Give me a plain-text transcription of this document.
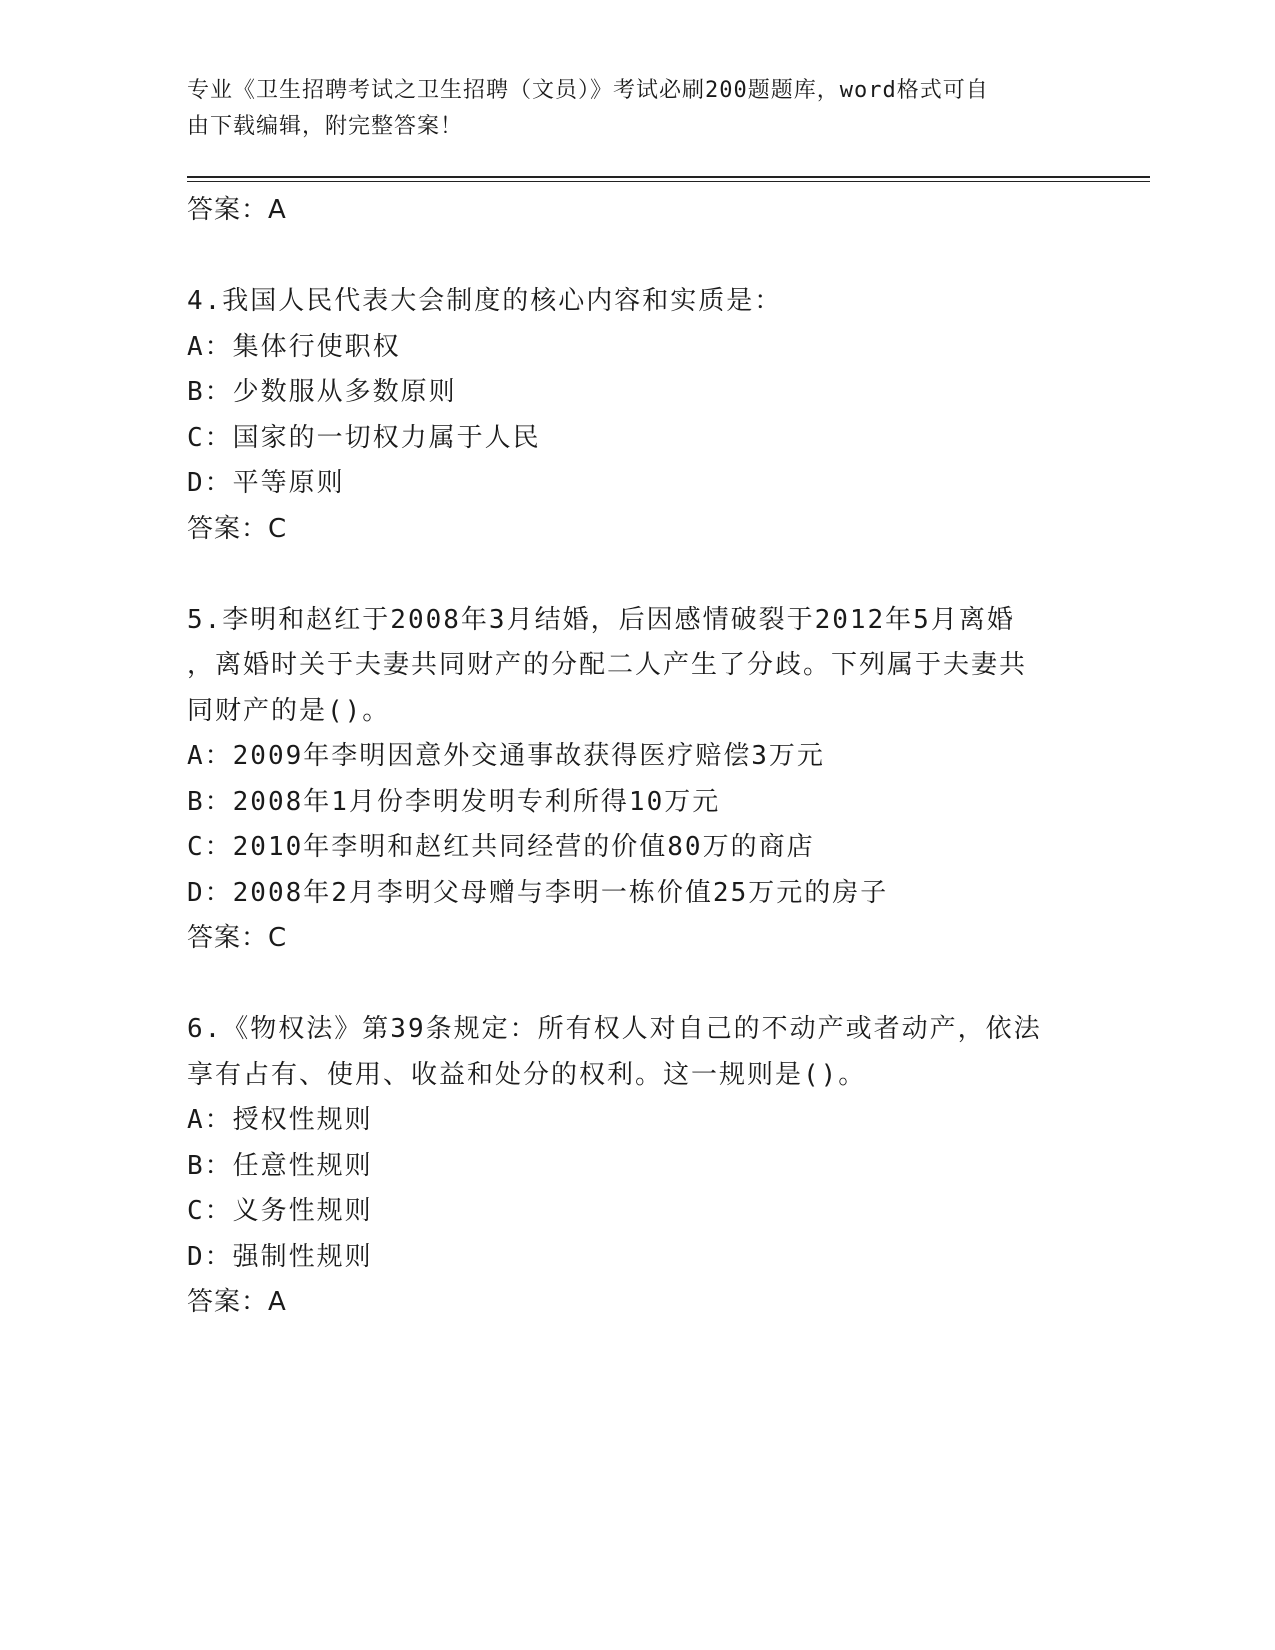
专业《卫生招聘考试之卫生招聘（文员）》考试必刷200题题库，word格式可自
由下载编辑，附完整答案！
答案：A
4.我国人民代表大会制度的核心内容和实质是：
A：集体行使职权
B：少数服从多数原则
C：国家的一切权力属于人民
D：平等原则
答案：C
5.李明和赵红于2008年3月结婚，后因感情破裂于2012年5月离婚
，离婚时关于夫妻共同财产的分配二人产生了分歧。下列属于夫妻共
同财产的是()。
A：2009年李明因意外交通事故获得医疗赔偿3万元
B：2008年1月份李明发明专利所得10万元
C：2010年李明和赵红共同经营的价值80万的商店
D：2008年2月李明父母赠与李明一栋价值25万元的房子
答案：C
6.《物权法》第39条规定：所有权人对自己的不动产或者动产，依法
享有占有、使用、收益和处分的权利。这一规则是()。
A：授权性规则
B：任意性规则
C：义务性规则
D：强制性规则
答案：A
